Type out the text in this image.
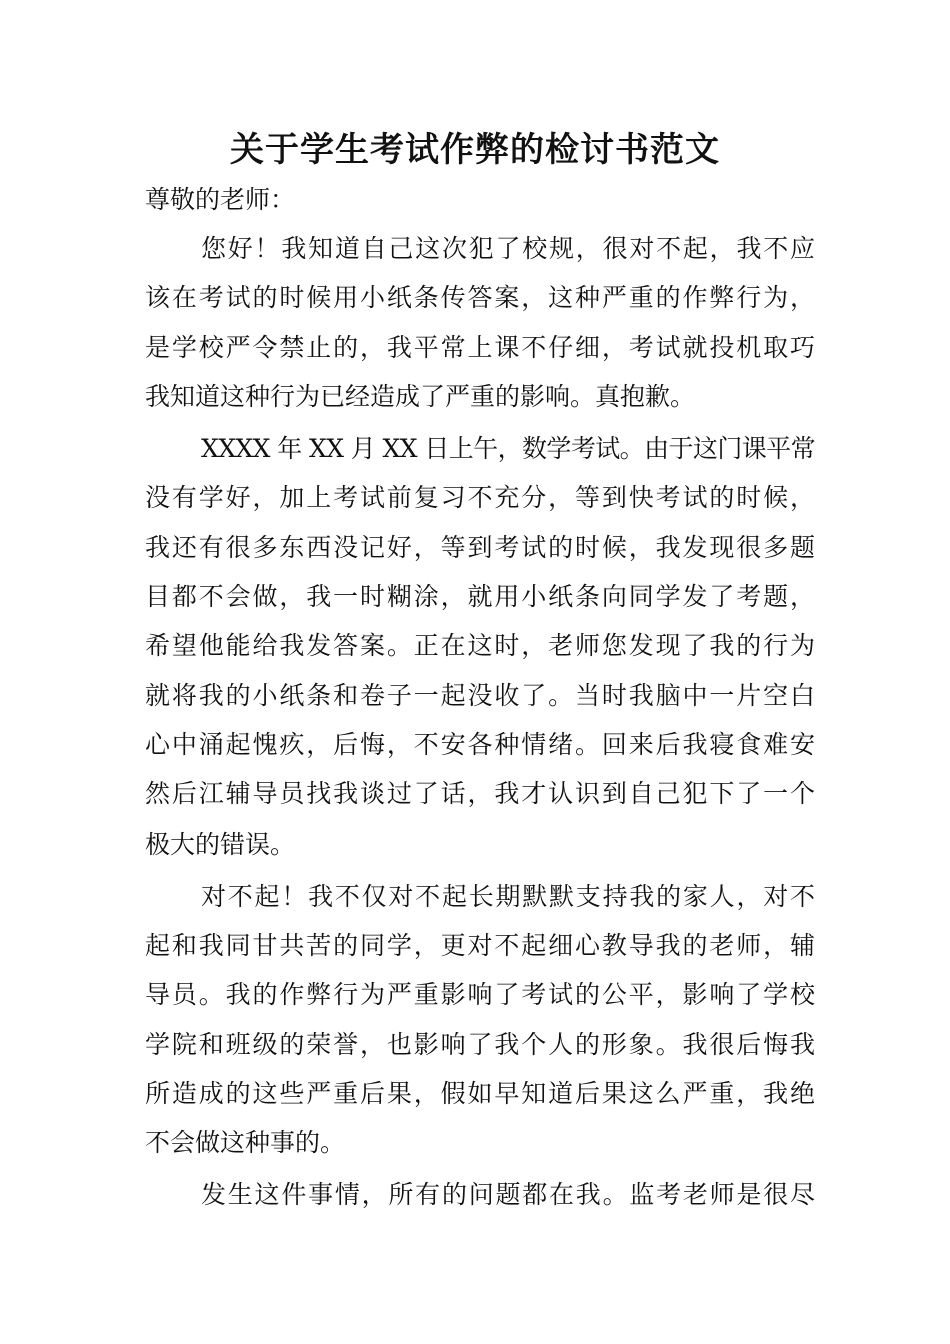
关于学生考试作弊的检讨书范文
尊敬的老师：
您好！我知道自己这次犯了校规，很对不起，我不应
该在考试的时候用小纸条传答案，这种严重的作弊行为，
是学校严令禁止的，我平常上课不仔细，考试就投机取巧
我知道这种行为已经造成了严重的影响。真抱歉。
XXXX 年 XX 月 XX 日上午，数学考试。由于这门课平常
没有学好，加上考试前复习不充分，等到快考试的时候，
我还有很多东西没记好，等到考试的时候，我发现很多题
目都不会做，我一时糊涂，就用小纸条向同学发了考题，
希望他能给我发答案。正在这时，老师您发现了我的行为
就将我的小纸条和卷子一起没收了。当时我脑中一片空白
心中涌起愧疚，后悔，不安各种情绪。回来后我寝食难安
然后江辅导员找我谈过了话，我才认识到自己犯下了一个
极大的错误。
对不起！我不仅对不起长期默默支持我的家人，对不
起和我同甘共苦的同学，更对不起细心教导我的老师，辅
导员。我的作弊行为严重影响了考试的公平，影响了学校
学院和班级的荣誉，也影响了我个人的形象。我很后悔我
所造成的这些严重后果，假如早知道后果这么严重，我绝
不会做这种事的。
发生这件事情，所有的问题都在我。监考老师是很尽
